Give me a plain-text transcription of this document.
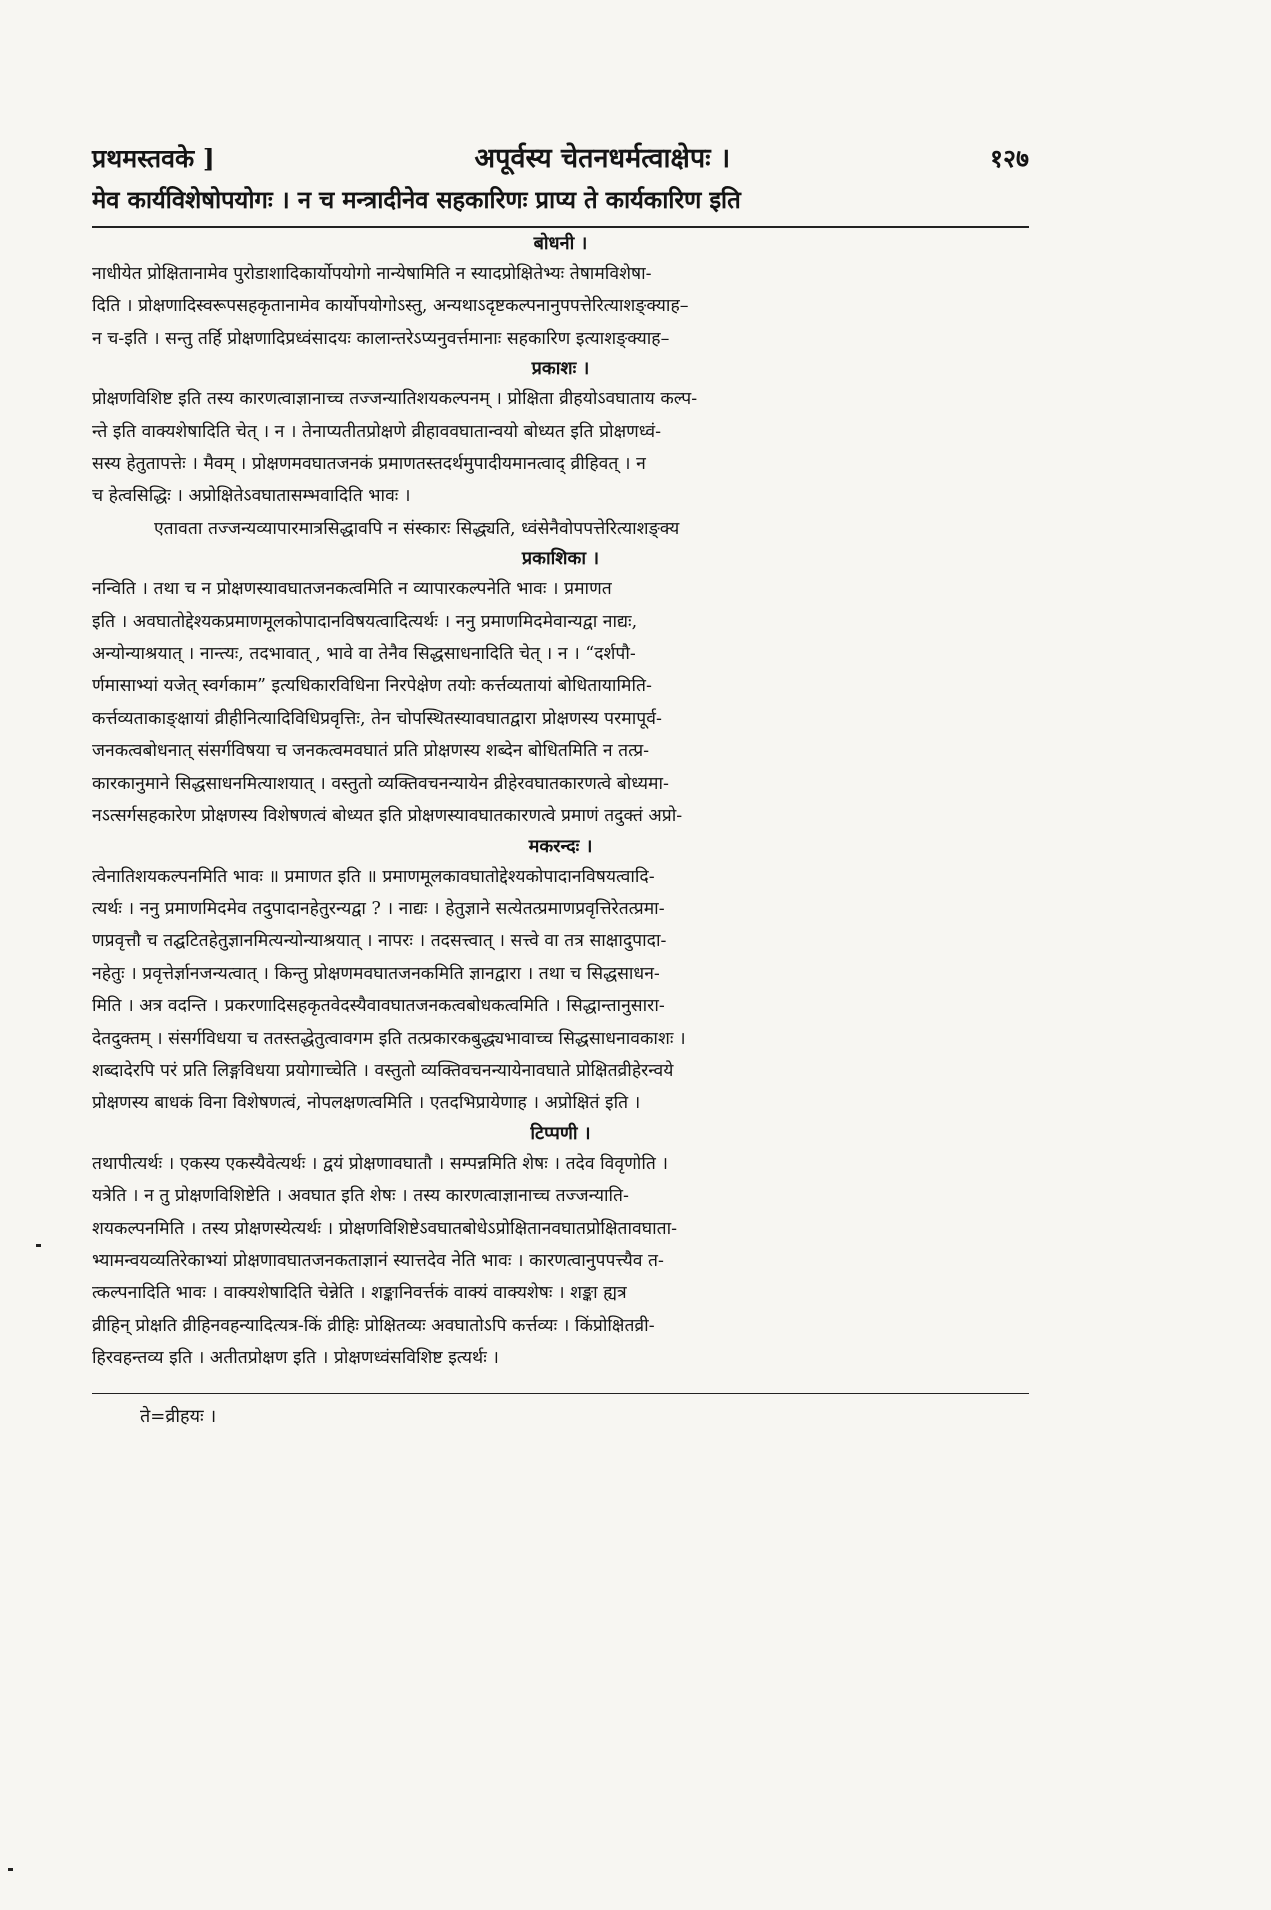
प्रथमस्तवके ]	अपूर्वस्य चेतनधर्मत्वाक्षेपः ।	१२७
मेव कार्यविशेषोपयोगः । न च मन्त्रादीनेव सहकारिणः प्राप्य ते कार्यकारिण इति
बोधनी ।
नाधीयेत प्रोक्षितानामेव पुरोडाशादिकार्योपयोगो नान्येषामिति न स्यादप्रोक्षितेभ्यः तेषामविशेषा-
दिति । प्रोक्षणादिस्वरूपसहकृतानामेव कार्योपयोगोऽस्तु, अन्यथाऽदृष्टकल्पनानुपपत्तेरित्याशङ्क्याह–
न च-इति । सन्तु तर्हि प्रोक्षणादिप्रध्वंसादयः कालान्तरेऽप्यनुवर्त्तमानाः सहकारिण इत्याशङ्क्याह–
प्रकाशः ।
प्रोक्षणविशिष्ट इति तस्य कारणत्वाज्ञानाच्च तज्जन्यातिशयकल्पनम् । प्रोक्षिता व्रीहयोऽवघाताय कल्प-
न्ते इति वाक्यशेषादिति चेत् । न । तेनाप्यतीतप्रोक्षणे व्रीहाववघातान्वयो बोध्यत इति प्रोक्षणध्वं-
सस्य हेतुतापत्तेः । मैवम् । प्रोक्षणमवघातजनकं प्रमाणतस्तदर्थमुपादीयमानत्वाद् व्रीहिवत् । न
च हेत्वसिद्धिः । अप्रोक्षितेऽवघातासम्भवादिति भावः ।
एतावता तज्जन्यव्यापारमात्रसिद्धावपि न संस्कारः सिद्ध्यति, ध्वंसेनैवोपपत्तेरित्याशङ्क्य
प्रकाशिका ।
नन्विति । तथा च न प्रोक्षणस्यावघातजनकत्वमिति न व्यापारकल्पनेति भावः । प्रमाणत
इति । अवघातोद्देश्यकप्रमाणमूलकोपादानविषयत्वादित्यर्थः । ननु प्रमाणमिदमेवान्यद्वा नाद्यः,
अन्योन्याश्रयात् । नान्त्यः, तदभावात् , भावे वा तेनैव सिद्धसाधनादिति चेत् । न । “दर्शपौ-
र्णमासाभ्यां यजेत् स्वर्गकाम” इत्यधिकारविधिना निरपेक्षेण तयोः कर्त्तव्यतायां बोधितायामिति-
कर्त्तव्यताकाङ्क्षायां व्रीहीनित्यादिविधिप्रवृत्तिः, तेन चोपस्थितस्यावघातद्वारा प्रोक्षणस्य परमापूर्व-
जनकत्वबोधनात् संसर्गविषया च जनकत्वमवघातं प्रति प्रोक्षणस्य शब्देन बोधितमिति न तत्प्र-
कारकानुमाने सिद्धसाधनमित्याशयात् । वस्तुतो व्यक्तिवचनन्यायेन व्रीहेरवघातकारणत्वे बोध्यमा-
नऽत्सर्गसहकारेण प्रोक्षणस्य विशेषणत्वं बोध्यत इति प्रोक्षणस्यावघातकारणत्वे प्रमाणं तदुक्तं अप्रो-
मकरन्दः ।
त्वेनातिशयकल्पनमिति भावः ॥ प्रमाणत इति ॥ प्रमाणमूलकावघातोद्देश्यकोपादानविषयत्वादि-
त्यर्थः । ननु प्रमाणमिदमेव तदुपादानहेतुरन्यद्वा ? । नाद्यः । हेतुज्ञाने सत्येतत्प्रमाणप्रवृत्तिरेतत्प्रमा-
णप्रवृत्तौ च तद्घटितहेतुज्ञानमित्यन्योन्याश्रयात् । नापरः । तदसत्त्वात् । सत्त्वे वा तत्र साक्षादुपादा-
नहेतुः । प्रवृत्तेर्ज्ञानजन्यत्वात् । किन्तु प्रोक्षणमवघातजनकमिति ज्ञानद्वारा । तथा च सिद्धसाधन-
मिति । अत्र वदन्ति । प्रकरणादिसहकृतवेदस्यैवावघातजनकत्वबोधकत्वमिति । सिद्धान्तानुसारा-
देतदुक्तम् । संसर्गविधया च ततस्तद्धेतुत्वावगम इति तत्प्रकारकबुद्ध्यभावाच्च सिद्धसाधनावकाशः ।
शब्दादेरपि परं प्रति लिङ्गविधया प्रयोगाच्चेति । वस्तुतो व्यक्तिवचनन्यायेनावघाते प्रोक्षितव्रीहेरन्वये
प्रोक्षणस्य बाधकं विना विशेषणत्वं, नोपलक्षणत्वमिति । एतदभिप्रायेणाह । अप्रोक्षितं इति ।
टिप्पणी ।
तथापीत्यर्थः । एकस्य एकस्यैवेत्यर्थः । द्वयं प्रोक्षणावघातौ । सम्पन्नमिति शेषः । तदेव विवृणोति ।
यत्रेति । न तु प्रोक्षणविशिष्टेति । अवघात इति शेषः । तस्य कारणत्वाज्ञानाच्च तज्जन्याति-
शयकल्पनमिति । तस्य प्रोक्षणस्येत्यर्थः । प्रोक्षणविशिष्टेऽवघातबोधेऽप्रोक्षितानवघातप्रोक्षितावघाता-
भ्यामन्वयव्यतिरेकाभ्यां प्रोक्षणावघातजनकताज्ञानं स्यात्तदेव नेति भावः । कारणत्वानुपपत्त्यैव त-
त्कल्पनादिति भावः । वाक्यशेषादिति चेन्नेति । शङ्कानिवर्त्तकं वाक्यं वाक्यशेषः । शङ्का ह्यत्र
व्रीहिन् प्रोक्षति व्रीहिनवहन्यादित्यत्र-किं व्रीहिः प्रोक्षितव्यः अवघातोऽपि कर्त्तव्यः । किंप्रोक्षितव्री-
हिरवहन्तव्य इति । अतीतप्रोक्षण इति । प्रोक्षणध्वंसविशिष्ट इत्यर्थः ।
ते=व्रीहयः ।
